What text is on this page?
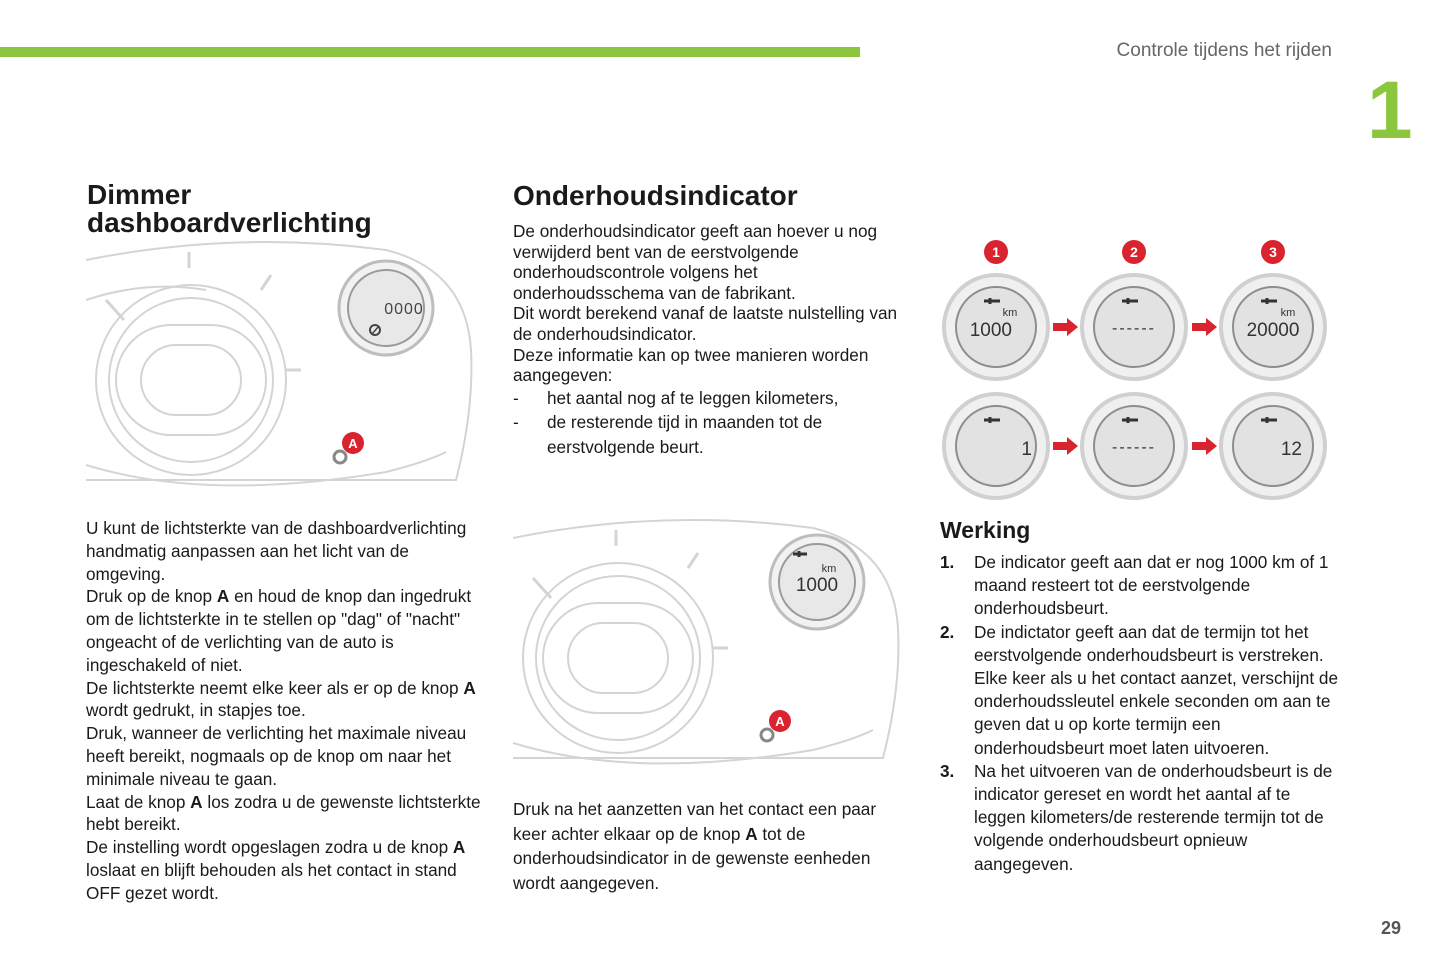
Controle tijdens het rijden
1
Dimmer
dashboardverlichting
0000
A

U kunt de lichtsterkte van de dashboardverlichting handmatig aanpassen aan het licht van de omgeving.

Druk op de knop A en houd de knop dan ingedrukt om de lichtsterkte in te stellen op "dag" of "nacht" ongeacht of de verlichting van de auto is ingeschakeld of niet.

De lichtsterkte neemt elke keer als er op de knop A wordt gedrukt, in stapjes toe.

Druk, wanneer de verlichting het maximale niveau heeft bereikt, nogmaals op de knop om naar het minimale niveau te gaan.

Laat de knop A los zodra u de gewenste lichtsterkte hebt bereikt.

De instelling wordt opgeslagen zodra u de knop A loslaat en blijft behouden als het contact in stand OFF gezet wordt.

Onderhoudsindicator

De onderhoudsindicator geeft aan hoever u nog verwijderd bent van de eerstvolgende onderhoudscontrole volgens het onderhoudsschema van de fabrikant.

Dit wordt berekend vanaf de laatste nulstelling van de onderhoudsindicator.

Deze informatie kan op twee manieren worden aangegeven:

-	het aantal nog af te leggen kilometers,
-	de resterende tijd in maanden tot de eerstvolgende beurt.
km
1000
A
Druk na het aanzetten van het contact een paar keer achter elkaar op de knop A tot de onderhoudsindicator in de gewenste eenheden wordt aangegeven.
1	2	3
km
1000	------
km
20000
1	------	12
Werking
1.	De indicator geeft aan dat er nog 1000 km of 1 maand resteert tot de eerstvolgende onderhoudsbeurt.
2.	De indictator geeft aan dat de termijn tot het eerstvolgende onderhoudsbeurt is verstreken.
Elke keer als u het contact aanzet, verschijnt de onderhoudssleutel enkele seconden om aan te geven dat u op korte termijn een onderhoudsbeurt moet laten uitvoeren.
3.	Na het uitvoeren van de onderhoudsbeurt is de indicator gereset en wordt het aantal af te leggen kilometers/de resterende termijn tot de volgende onderhoudsbeurt opnieuw aangegeven.
29
